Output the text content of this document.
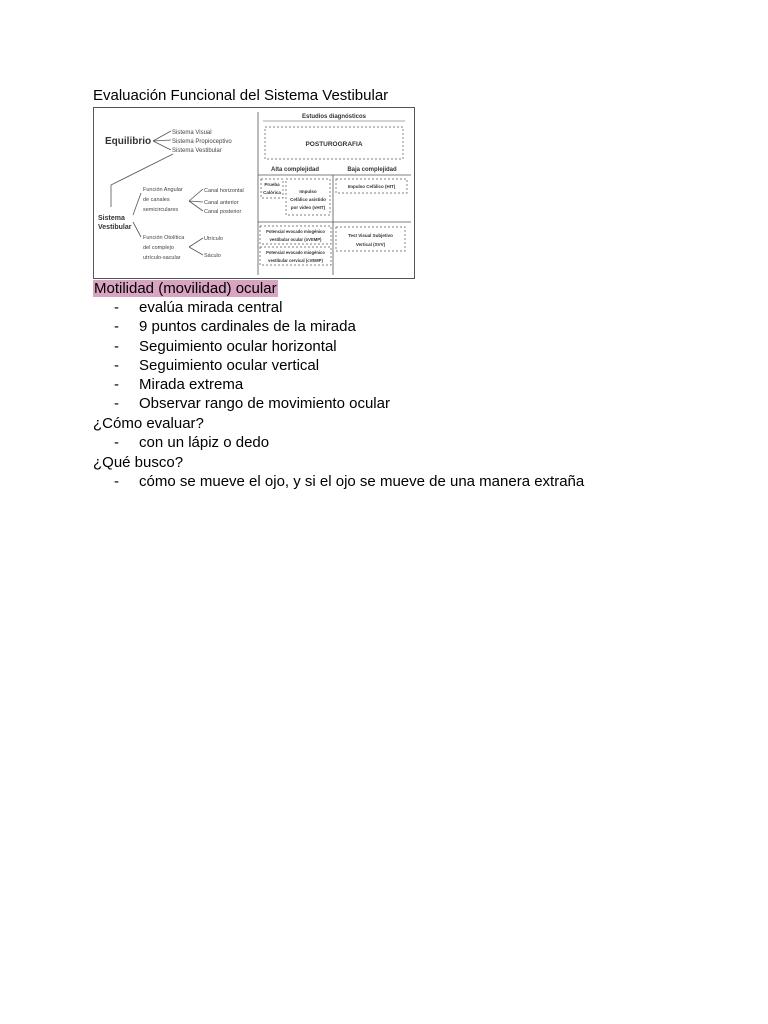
Evaluación Funcional del Sistema Vestibular
Equilibrio
Sistema Visual
Sistema Propioceptivo
Sistema Vestibular
Sistema
Vestibular
Función Angular
de canales
semicirculares
Canal horizontal
Canal anterior
Canal posterior
Función Otolítica
del complejo
utrículo-sacular
Utrículo
Sáculo
Estudios diagnósticos
POSTUROGRAFIA
Alta complejidad	Baja complejidad
Prueba
Calórica	Impulso
Cefálico asistido
por video (vHIT)
Impulso Cefálico (HIT)
Potencial evocado miogénico
vestibular ocular (oVEMP)
Potencial evocado miogénico
vestibular cervical (cVEMP)
Test Visual Subjetivo
Vertical (SVV)
Motilidad (movilidad) ocular
- evalúa mirada central
- 9 puntos cardinales de la mirada
- Seguimiento ocular horizontal
- Seguimiento ocular vertical
- Mirada extrema
- Observar rango de movimiento ocular
¿Cómo evaluar?
- con un lápiz o dedo
¿Qué busco?
- cómo se mueve el ojo, y si el ojo se mueve de una manera extraña
